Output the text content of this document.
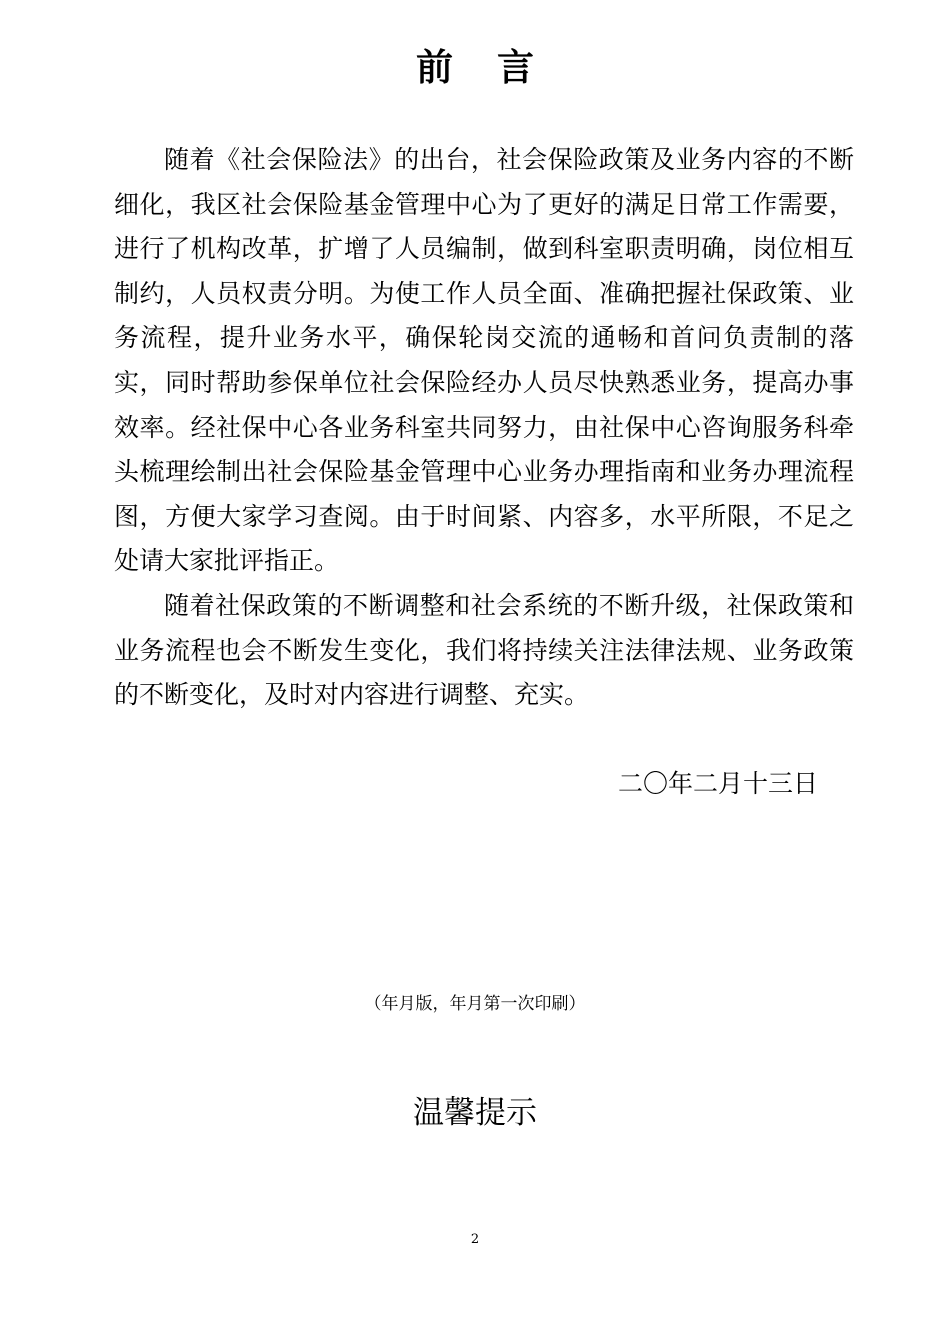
前言

随着《社会保险法》的出台，社会保险政策及业务内容的不断细化，我区社会保险基金管理中心为了更好的满足日常工作需要，进行了机构改革，扩增了人员编制，做到科室职责明确，岗位相互制约，人员权责分明。为使工作人员全面、准确把握社保政策、业务流程，提升业务水平，确保轮岗交流的通畅和首问负责制的落实，同时帮助参保单位社会保险经办人员尽快熟悉业务，提高办事效率。经社保中心各业务科室共同努力，由社保中心咨询服务科牵头梳理绘制出社会保险基金管理中心业务办理指南和业务办理流程图，方便大家学习查阅。由于时间紧、内容多，水平所限，不足之处请大家批评指正。

随着社保政策的不断调整和社会系统的不断升级，社保政策和业务流程也会不断发生变化，我们将持续关注法律法规、业务政策的不断变化，及时对内容进行调整、充实。

二〇年二月十三日
（年月版，年月第一次印刷）
温馨提示
2
